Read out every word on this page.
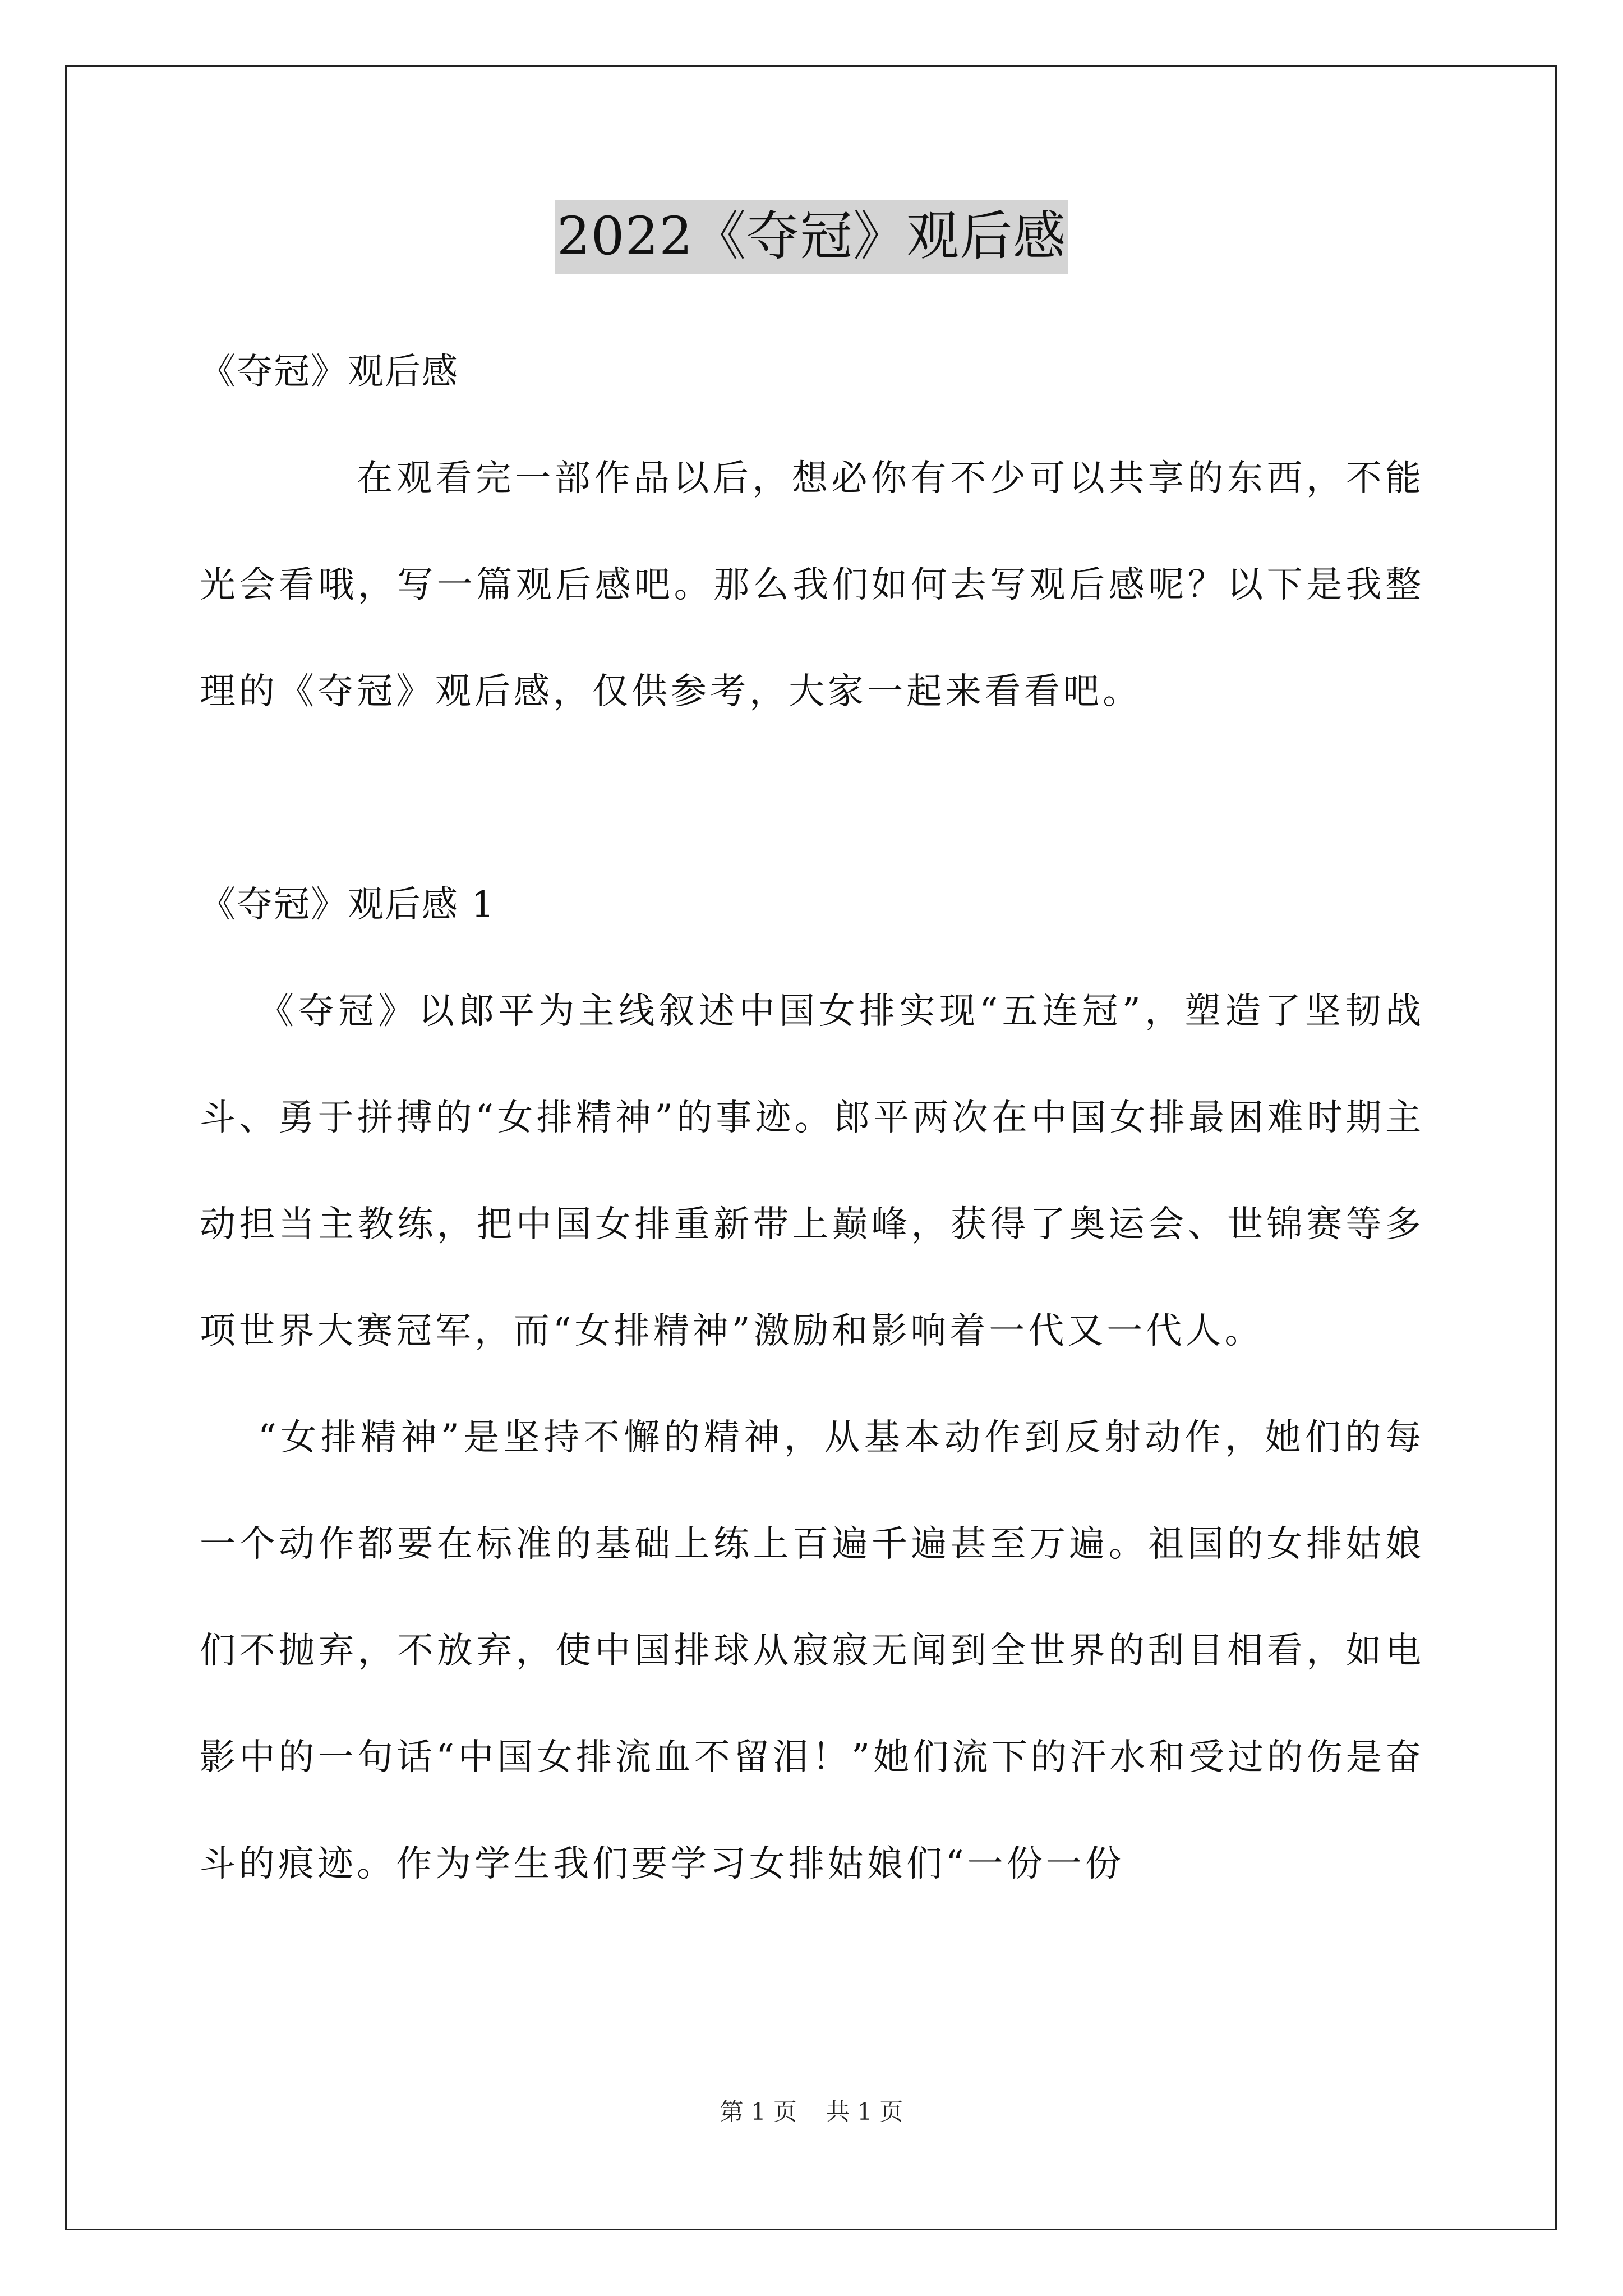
2022《夺冠》观后感

《夺冠》观后感

在观看完一部作品以后，想必你有不少可以共享的东西，不能光会看哦，写一篇观后感吧。那么我们如何去写观后感呢？以下是我整理的《夺冠》观后感，仅供参考，大家一起来看看吧。

《夺冠》观后感 1

《夺冠》以郎平为主线叙述中国女排实现“五连冠”，塑造了坚韧战斗、勇于拼搏的“女排精神”的事迹。郎平两次在中国女排最困难时期主动担当主教练，把中国女排重新带上巅峰，获得了奥运会、世锦赛等多项世界大赛冠军，而“女排精神”激励和影响着一代又一代人。

“女排精神”是坚持不懈的精神，从基本动作到反射动作，她们的每一个动作都要在标准的基础上练上百遍千遍甚至万遍。祖国的女排姑娘们不抛弃，不放弃，使中国排球从寂寂无闻到全世界的刮目相看，如电影中的一句话“中国女排流血不留泪！”她们流下的汗水和受过的伤是奋斗的痕迹。作为学生我们要学习女排姑娘们“一份一份

第 1 页 共 1 页
